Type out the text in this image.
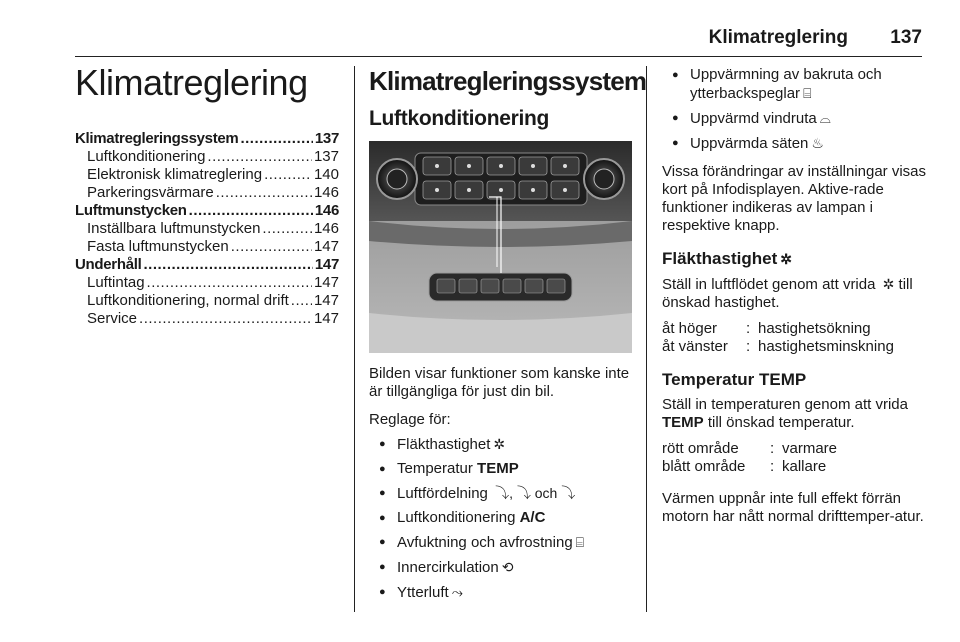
Klimatreglering 137
Klimatreglering
Klimatregleringssystem .....	137
Luftkonditionering .....	137
Elektronisk klimatreglering .....	140
Parkeringsvärmare .....	146
Luftmunstycken .....	146
Inställbara luftmunstycken .....	146
Fasta luftmunstycken .....	147
Underhåll .....	147
Luftintag .....	147
Luftkonditionering, normal drift ..... 147
Service .....	147
Klimatregleringssystem
Luftkonditionering
Bilden visar funktioner som kanske inte är tillgängliga för just din bil.
Reglage för:
● Fläkthastighet ✲
● Temperatur TEMP
● Luftfördelning ⤵, ⤵ och ⤵
● Luftkonditionering A/C
● Avfuktning och avfrostning ⌸
● Innercirkulation ⟲
● Ytterluft ⤳
● Uppvärmning av bakruta och ytterbackspeglar ⌸
● Uppvärmd vindruta ⌓
● Uppvärmda säten ♨
Vissa förändringar av inställningar visas kort på Infodisplayen. Aktive-rade funktioner indikeras av lampan i respektive knapp.
Fläkthastighet ✲
Ställ in luftflödet genom att vrida ✲ till önskad hastighet.
åt höger	: hastighetsökning
åt vänster	: hastighetsminskning
Temperatur TEMP
Ställ in temperaturen genom att vrida TEMP till önskad temperatur.
rött område	: varmare
blått område	: kallare
Värmen uppnår inte full effekt förrän motorn har nått normal drifttemper-atur.
